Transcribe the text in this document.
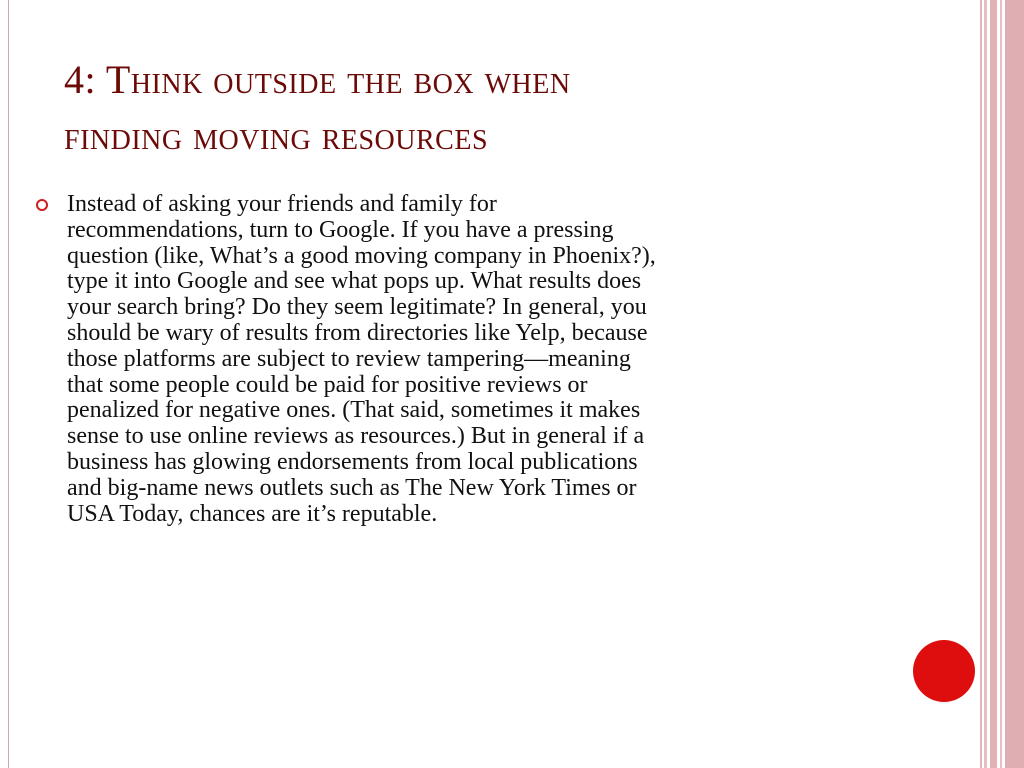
4: Think outside the box when
finding moving resources

Instead of asking your friends and family for
recommendations, turn to Google. If you have a pressing
question (like, What’s a good moving company in Phoenix?),
type it into Google and see what pops up. What results does
your search bring? Do they seem legitimate? In general, you
should be wary of results from directories like Yelp, because
those platforms are subject to review tampering—meaning
that some people could be paid for positive reviews or
penalized for negative ones. (That said, sometimes it makes
sense to use online reviews as resources.) But in general if a
business has glowing endorsements from local publications
and big-name news outlets such as The New York Times or
USA Today, chances are it’s reputable.
